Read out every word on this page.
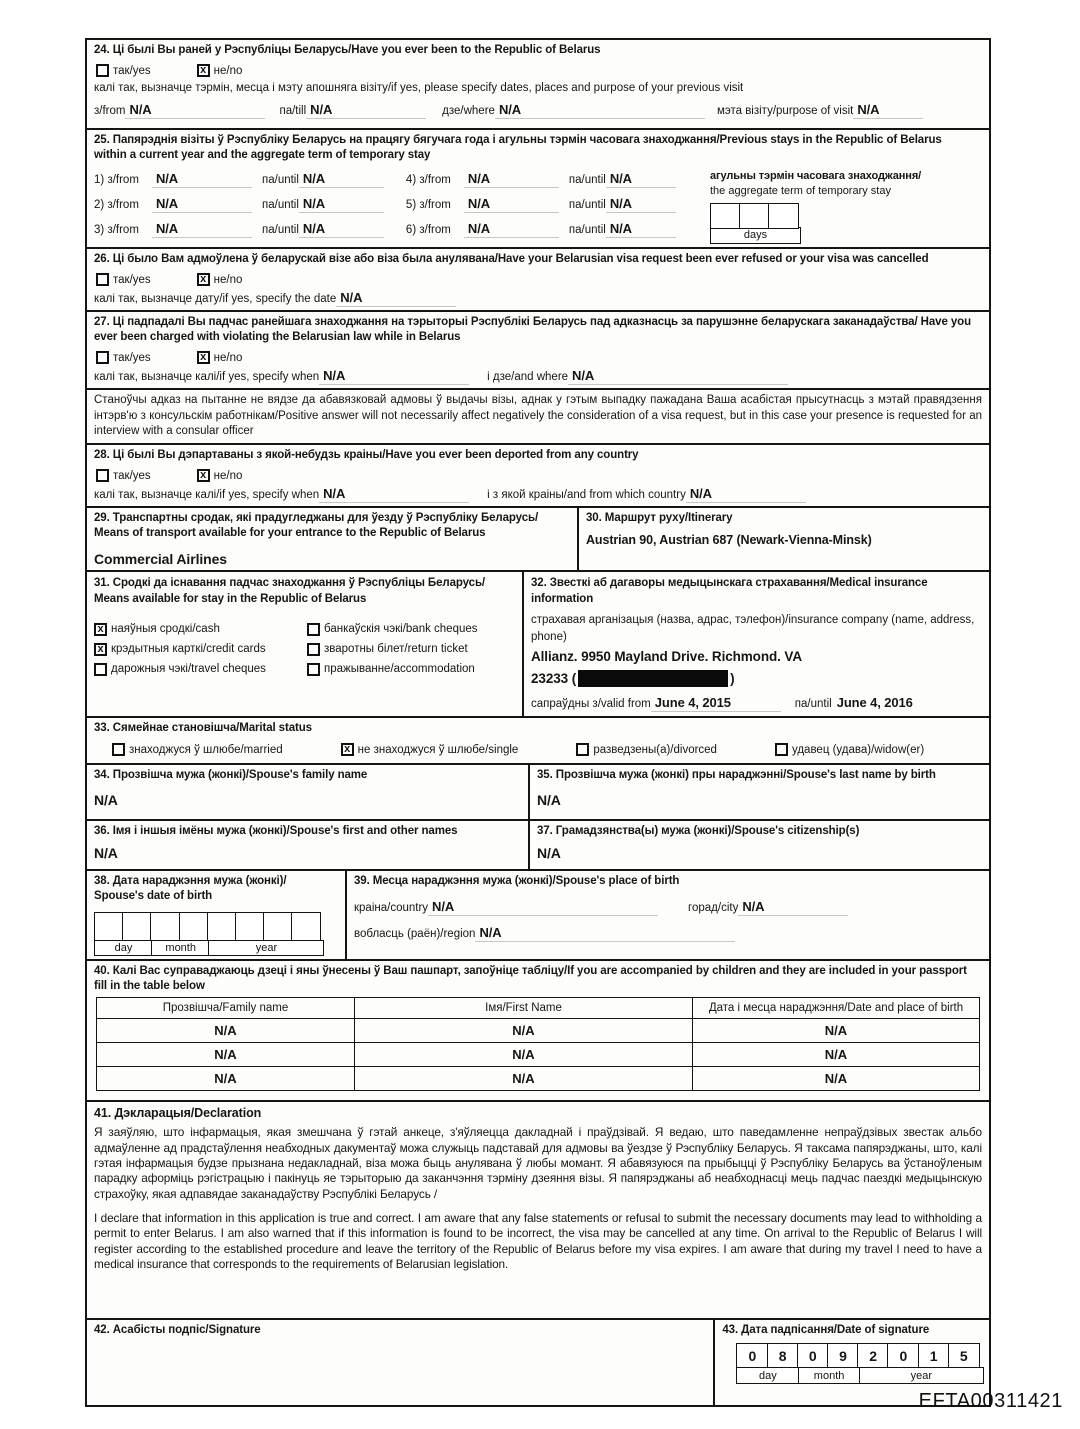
24. Ці былі Вы раней у Рэспубліцы Беларусь/Have you ever been to the Republic of Belarus
так/yes	x не/no
калі так, вызначце тэрмін, месца і мэту апошняга візіту/if yes, please specify dates, places and purpose of your previous visit
з/from N/A	па/till N/A	дзе/where N/A	мэта візіту/purpose of visit N/A
25. Папярэднія візіты ў Рэспубліку Беларусь на працягу бягучага года і агульны тэрмін часовага знаходжання/Previous stays in the Republic of Belarus within a current year and the aggregate term of temporary stay
1) з/from	N/A	па/until N/A	4) з/from	N/A	па/until N/A
2) з/from	N/A	па/until N/A	5) з/from	N/A	па/until N/A
3) з/from	N/A	па/until N/A	6) з/from	N/A	па/until N/A
агульны тэрмін часовага знаходжання/
the aggregate term of temporary stay
days
26. Ці было Вам адмоўлена ў беларускай візе або віза была анулявана/Have your Belarusian visa request been ever refused or your visa was cancelled
так/yes	x не/no
калі так, вызначце дату/if yes, specify the date N/A
27. Ці падпадалі Вы падчас ранейшага знаходжання на тэрыторыі Рэспублікі Беларусь пад адказнасць за парушэнне беларускага заканадаўства/ Have you ever been charged with violating the Belarusian law while in Belarus
так/yes	x не/no
калі так, вызначце калі/if yes, specify when N/A	і дзе/and where N/A
Станоўчы адказ на пытанне не вядзе да абавязковай адмовы ў выдачы візы, аднак у гэтым выпадку пажадана Ваша асабістая прысутнасць з мэтай правядзення інтэрв'ю з консульскім работнікам/Positive answer will not necessarily affect negatively the consideration of a visa request, but in this case your presence is requested for an interview with a consular officer
28. Ці былі Вы дэпартаваны з якой-небудзь краіны/Have you ever been deported from any country
так/yes	x не/no
калі так, вызначце калі/if yes, specify when N/A	і з якой краіны/and from which country N/A
29. Транспартны сродак, які прадугледжаны для ўезду ў Рэспубліку Беларусь/ Means of transport available for your entrance to the Republic of Belarus
Commercial Airlines
30. Маршрут руху/Itinerary
Austrian 90, Austrian 687 (Newark-Vienna-Minsk)
31. Сродкі да існавання падчас знаходжання ў Рэспубліцы Беларусь/ Means available for stay in the Republic of Belarus
x наяўныя сродкі/cash	банкаўскія чэкі/bank cheques
x крэдытныя карткі/credit cards	зваротны білет/return ticket
дарожныя чэкі/travel cheques	пражыванне/accommodation
32. Звесткі аб дагаворы медыцынскага страхавання/Medical insurance information
страхавая арганізацыя (назва, адрас, тэлефон)/insurance company (name, address, phone)
Allianz. 9950 Mayland Drive. Richmond. VA
23233 (	)
сапраўдны з/valid from June 4, 2015	па/until June 4, 2016
33. Сямейнае становішча/Marital status
знаходжуся ў шлюбе/married	x не знаходжуся ў шлюбе/single	разведзены(а)/divorced	удавец (удава)/widow(er)
34. Прозвішча мужа (жонкі)/Spouse's family name
N/A
35. Прозвішча мужа (жонкі) пры нараджэнні/Spouse's last name by birth
N/A
36. Імя і іншыя імёны мужа (жонкі)/Spouse's first and other names
N/A
37. Грамадзянства(ы) мужа (жонкі)/Spouse's citizenship(s)
N/A
38. Дата нараджэння мужа (жонкі)/ Spouse's date of birth
day	month	year
39. Месца нараджэння мужа (жонкі)/Spouse's place of birth
краіна/country N/A	горад/city N/A
вобласць (раён)/region N/A
40. Калі Вас суправаджаюць дзеці і яны ўнесены ў Ваш пашпарт, запоўніце табліцу/If you are accompanied by children and they are included in your passport fill in the table below
Прозвішча/Family name	Імя/First Name	Дата і месца нараджэння/Date and place of birth
N/A	N/A	N/A
N/A	N/A	N/A
N/A	N/A	N/A
41. Дэкларацыя/Declaration
Я заяўляю, што інфармацыя, якая змешчана ў гэтай анкеце, з'яўляецца дакладнай і праўдзівай. Я ведаю, што паведамленне непраўдзівых звестак альбо адмаўленне ад прадстаўлення неабходных дакументаў можа служыць падставай для адмовы ва ўездзе ў Рэспубліку Беларусь. Я таксама папярэджаны, што, калі гэтая інфармацыя будзе прызнана недакладнай, віза можа быць анулявана ў любы момант. Я абавязуюся па прыбыцці ў Рэспубліку Беларусь ва ўстаноўленым парадку аформіць рэгістрацыю і пакінуць яе тэрыторыю да заканчэння тэрміну дзеяння візы. Я папярэджаны аб неабходнасці мець падчас паездкі медыцынскую страхоўку, якая адпавядае заканадаўству Рэспублікі Беларусь /
I declare that information in this application is true and correct. I am aware that any false statements or refusal to submit the necessary documents may lead to withholding a permit to enter Belarus. I am also warned that if this information is found to be incorrect, the visa may be cancelled at any time. On arrival to the Republic of Belarus I will register according to the established procedure and leave the territory of the Republic of Belarus before my visa expires. I am aware that during my travel I need to have a medical insurance that corresponds to the requirements of Belarusian legislation.
42. Асабісты подпіс/Signature	43. Дата падпісання/Date of signature
0	8	0	9	2	0	1	5
day	month	year
EFTA00311421
